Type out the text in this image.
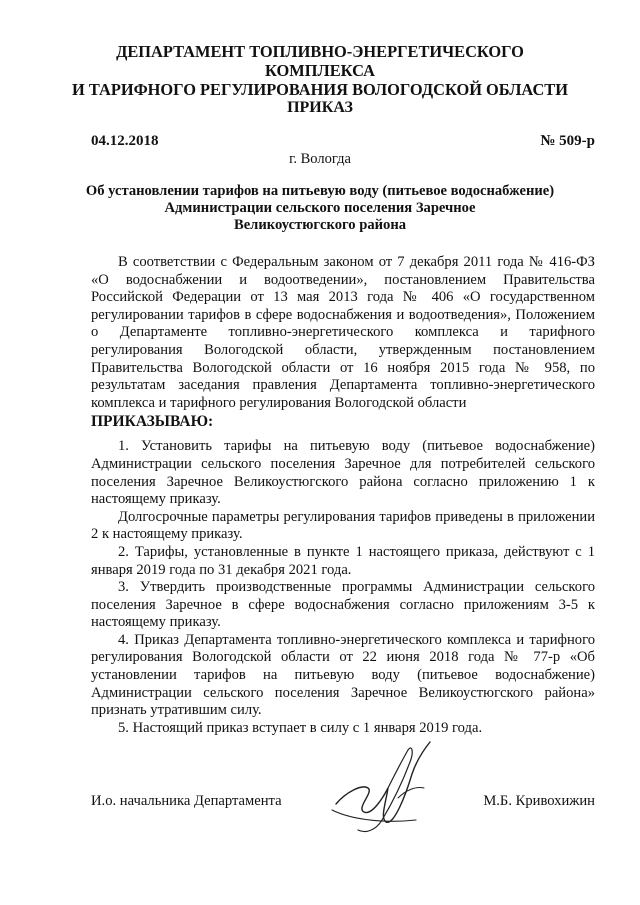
ДЕПАРТАМЕНТ ТОПЛИВНО-ЭНЕРГЕТИЧЕСКОГО КОМПЛЕКСА
И ТАРИФНОГО РЕГУЛИРОВАНИЯ ВОЛОГОДСКОЙ ОБЛАСТИ
ПРИКАЗ
04.12.2018	№ 509-р
г. Вологда
Об установлении тарифов на питьевую воду (питьевое водоснабжение)
Администрации сельского поселения Заречное
Великоустюгского района

В соответствии с Федеральным законом от 7 декабря 2011 года № 416-ФЗ «О водоснабжении и водоотведении», постановлением Правительства Российской Федерации от 13 мая 2013 года № 406 «О государственном регулировании тарифов в сфере водоснабжения и водоотведения», Положением о Департаменте топливно-энергетического комплекса и тарифного регулирования Вологодской области, утвержденным постановлением Правительства Вологодской области от 16 ноября 2015 года № 958, по результатам заседания правления Департамента топливно-энергетического комплекса и тарифного регулирования Вологодской области

ПРИКАЗЫВАЮ:

1. Установить тарифы на питьевую воду (питьевое водоснабжение) Администрации сельского поселения Заречное для потребителей сельского поселения Заречное Великоустюгского района согласно приложению 1 к настоящему приказу.

Долгосрочные параметры регулирования тарифов приведены в приложении 2 к настоящему приказу.

2. Тарифы, установленные в пункте 1 настоящего приказа, действуют с 1 января 2019 года по 31 декабря 2021 года.

3. Утвердить производственные программы Администрации сельского поселения Заречное в сфере водоснабжения согласно приложениям 3-5 к настоящему приказу.

4. Приказ Департамента топливно-энергетического комплекса и тарифного регулирования Вологодской области от 22 июня 2018 года № 77-р «Об установлении тарифов на питьевую воду (питьевое водоснабжение) Администрации сельского поселения Заречное Великоустюгского района» признать утратившим силу.

5. Настоящий приказ вступает в силу с 1 января 2019 года.

И.о. начальника Департамента	М.Б. Кривохижин
